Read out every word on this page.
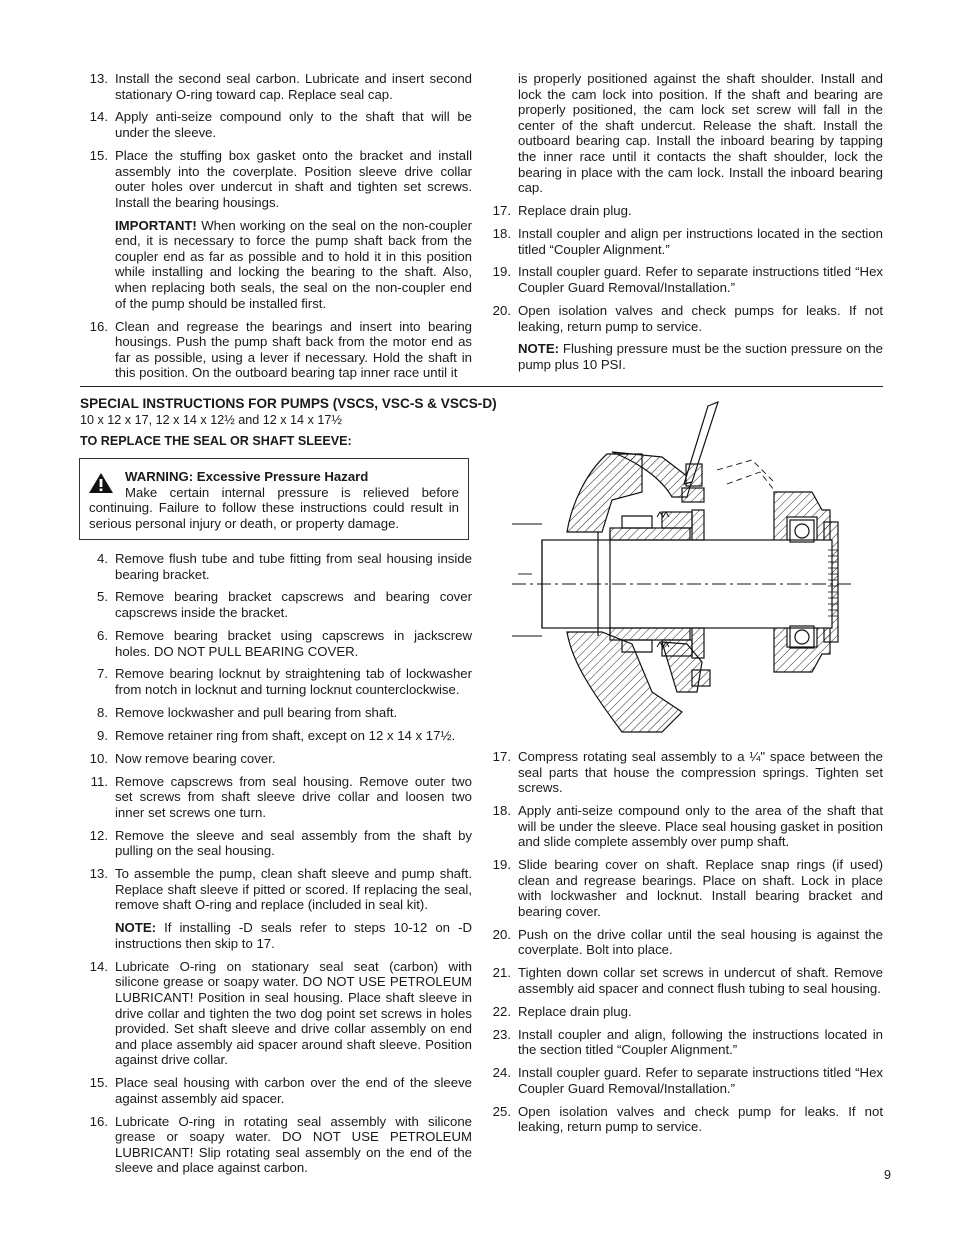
13. Install the second seal carbon. Lubricate and insert second stationary O-ring toward cap. Replace seal cap.
14. Apply anti-seize compound only to the shaft that will be under the sleeve.
15. Place the stuffing box gasket onto the bracket and install assembly into the coverplate. Position sleeve drive collar outer holes over undercut in shaft and tighten set screws. Install the bearing housings.
IMPORTANT! When working on the seal on the non-coupler end, it is necessary to force the pump shaft back from the coupler end as far as possible and to hold it in this position while installing and locking the bearing to the shaft. Also, when replacing both seals, the seal on the non-coupler end of the pump should be installed first.
16. Clean and regrease the bearings and insert into bearing housings. Push the pump shaft back from the motor end as far as possible, using a lever if necessary. Hold the shaft in this position. On the outboard bearing tap inner race until it
is properly positioned against the shaft shoulder. Install and lock the cam lock into position. If the shaft and bearing are properly positioned, the cam lock set screw will fall in the center of the shaft undercut. Release the shaft. Install the outboard bearing cap. Install the inboard bearing by tapping the inner race until it contacts the shaft shoulder, lock the bearing in place with the cam lock. Install the inboard bearing cap.
17. Replace drain plug.
18. Install coupler and align per instructions located in the section titled “Coupler Alignment.”
19. Install coupler guard. Refer to separate instructions titled “Hex Coupler Guard Removal/Installation.”
20. Open isolation valves and check pumps for leaks. If not leaking, return pump to service.
NOTE: Flushing pressure must be the suction pressure on the pump plus 10 PSI.
SPECIAL INSTRUCTIONS FOR PUMPS (VSCS, VSC-S & VSCS-D)
10 x 12 x 17, 12 x 14 x 12½ and 12 x 14 x 17½
TO REPLACE THE SEAL OR SHAFT SLEEVE:
WARNING: Excessive Pressure Hazard
Make certain internal pressure is relieved before continuing. Failure to follow these instructions could result in serious personal injury or death, or property damage.
4. Remove flush tube and tube fitting from seal housing inside bearing bracket.
5. Remove bearing bracket capscrews and bearing cover capscrews inside the bracket.
6. Remove bearing bracket using capscrews in jackscrew holes. DO NOT PULL BEARING COVER.
7. Remove bearing locknut by straightening tab of lockwasher from notch in locknut and turning locknut counterclockwise.
8. Remove lockwasher and pull bearing from shaft.
9. Remove retainer ring from shaft, except on 12 x 14 x 17½.
10. Now remove bearing cover.
11. Remove capscrews from seal housing. Remove outer two set screws from shaft sleeve drive collar and loosen two inner set screws one turn.
12. Remove the sleeve and seal assembly from the shaft by pulling on the seal housing.
13. To assemble the pump, clean shaft sleeve and pump shaft. Replace shaft sleeve if pitted or scored. If replacing the seal, remove shaft O-ring and replace (included in seal kit).
NOTE: If installing -D seals refer to steps 10-12 on -D instructions then skip to 17.
14. Lubricate O-ring on stationary seal seat (carbon) with silicone grease or soapy water. DO NOT USE PETROLEUM LUBRICANT! Position in seal housing. Place shaft sleeve in drive collar and tighten the two dog point set screws in holes provided. Set shaft sleeve and drive collar assembly on end and place assembly aid spacer around shaft sleeve. Position against drive collar.
15. Place seal housing with carbon over the end of the sleeve against assembly aid spacer.
16. Lubricate O-ring in rotating seal assembly with silicone grease or soapy water. DO NOT USE PETROLEUM LUBRICANT! Slip rotating seal assembly on the end of the sleeve and place against carbon.
17. Compress rotating seal assembly to a ¼" space between the seal parts that house the compression springs. Tighten set screws.
18. Apply anti-seize compound only to the area of the shaft that will be under the sleeve. Place seal housing gasket in position and slide complete assembly over pump shaft.
19. Slide bearing cover on shaft. Replace snap rings (if used) clean and regrease bearings. Place on shaft. Lock in place with lockwasher and locknut. Install bearing bracket and bearing cover.
20. Push on the drive collar until the seal housing is against the coverplate. Bolt into place.
21. Tighten down collar set screws in undercut of shaft. Remove assembly aid spacer and connect flush tubing to seal housing.
22. Replace drain plug.
23. Install coupler and align, following the instructions located in the section titled “Coupler Alignment.”
24. Install coupler guard. Refer to separate instructions titled “Hex Coupler Guard Removal/Installation.”
25. Open isolation valves and check pump for leaks. If not leaking, return pump to service.
9
